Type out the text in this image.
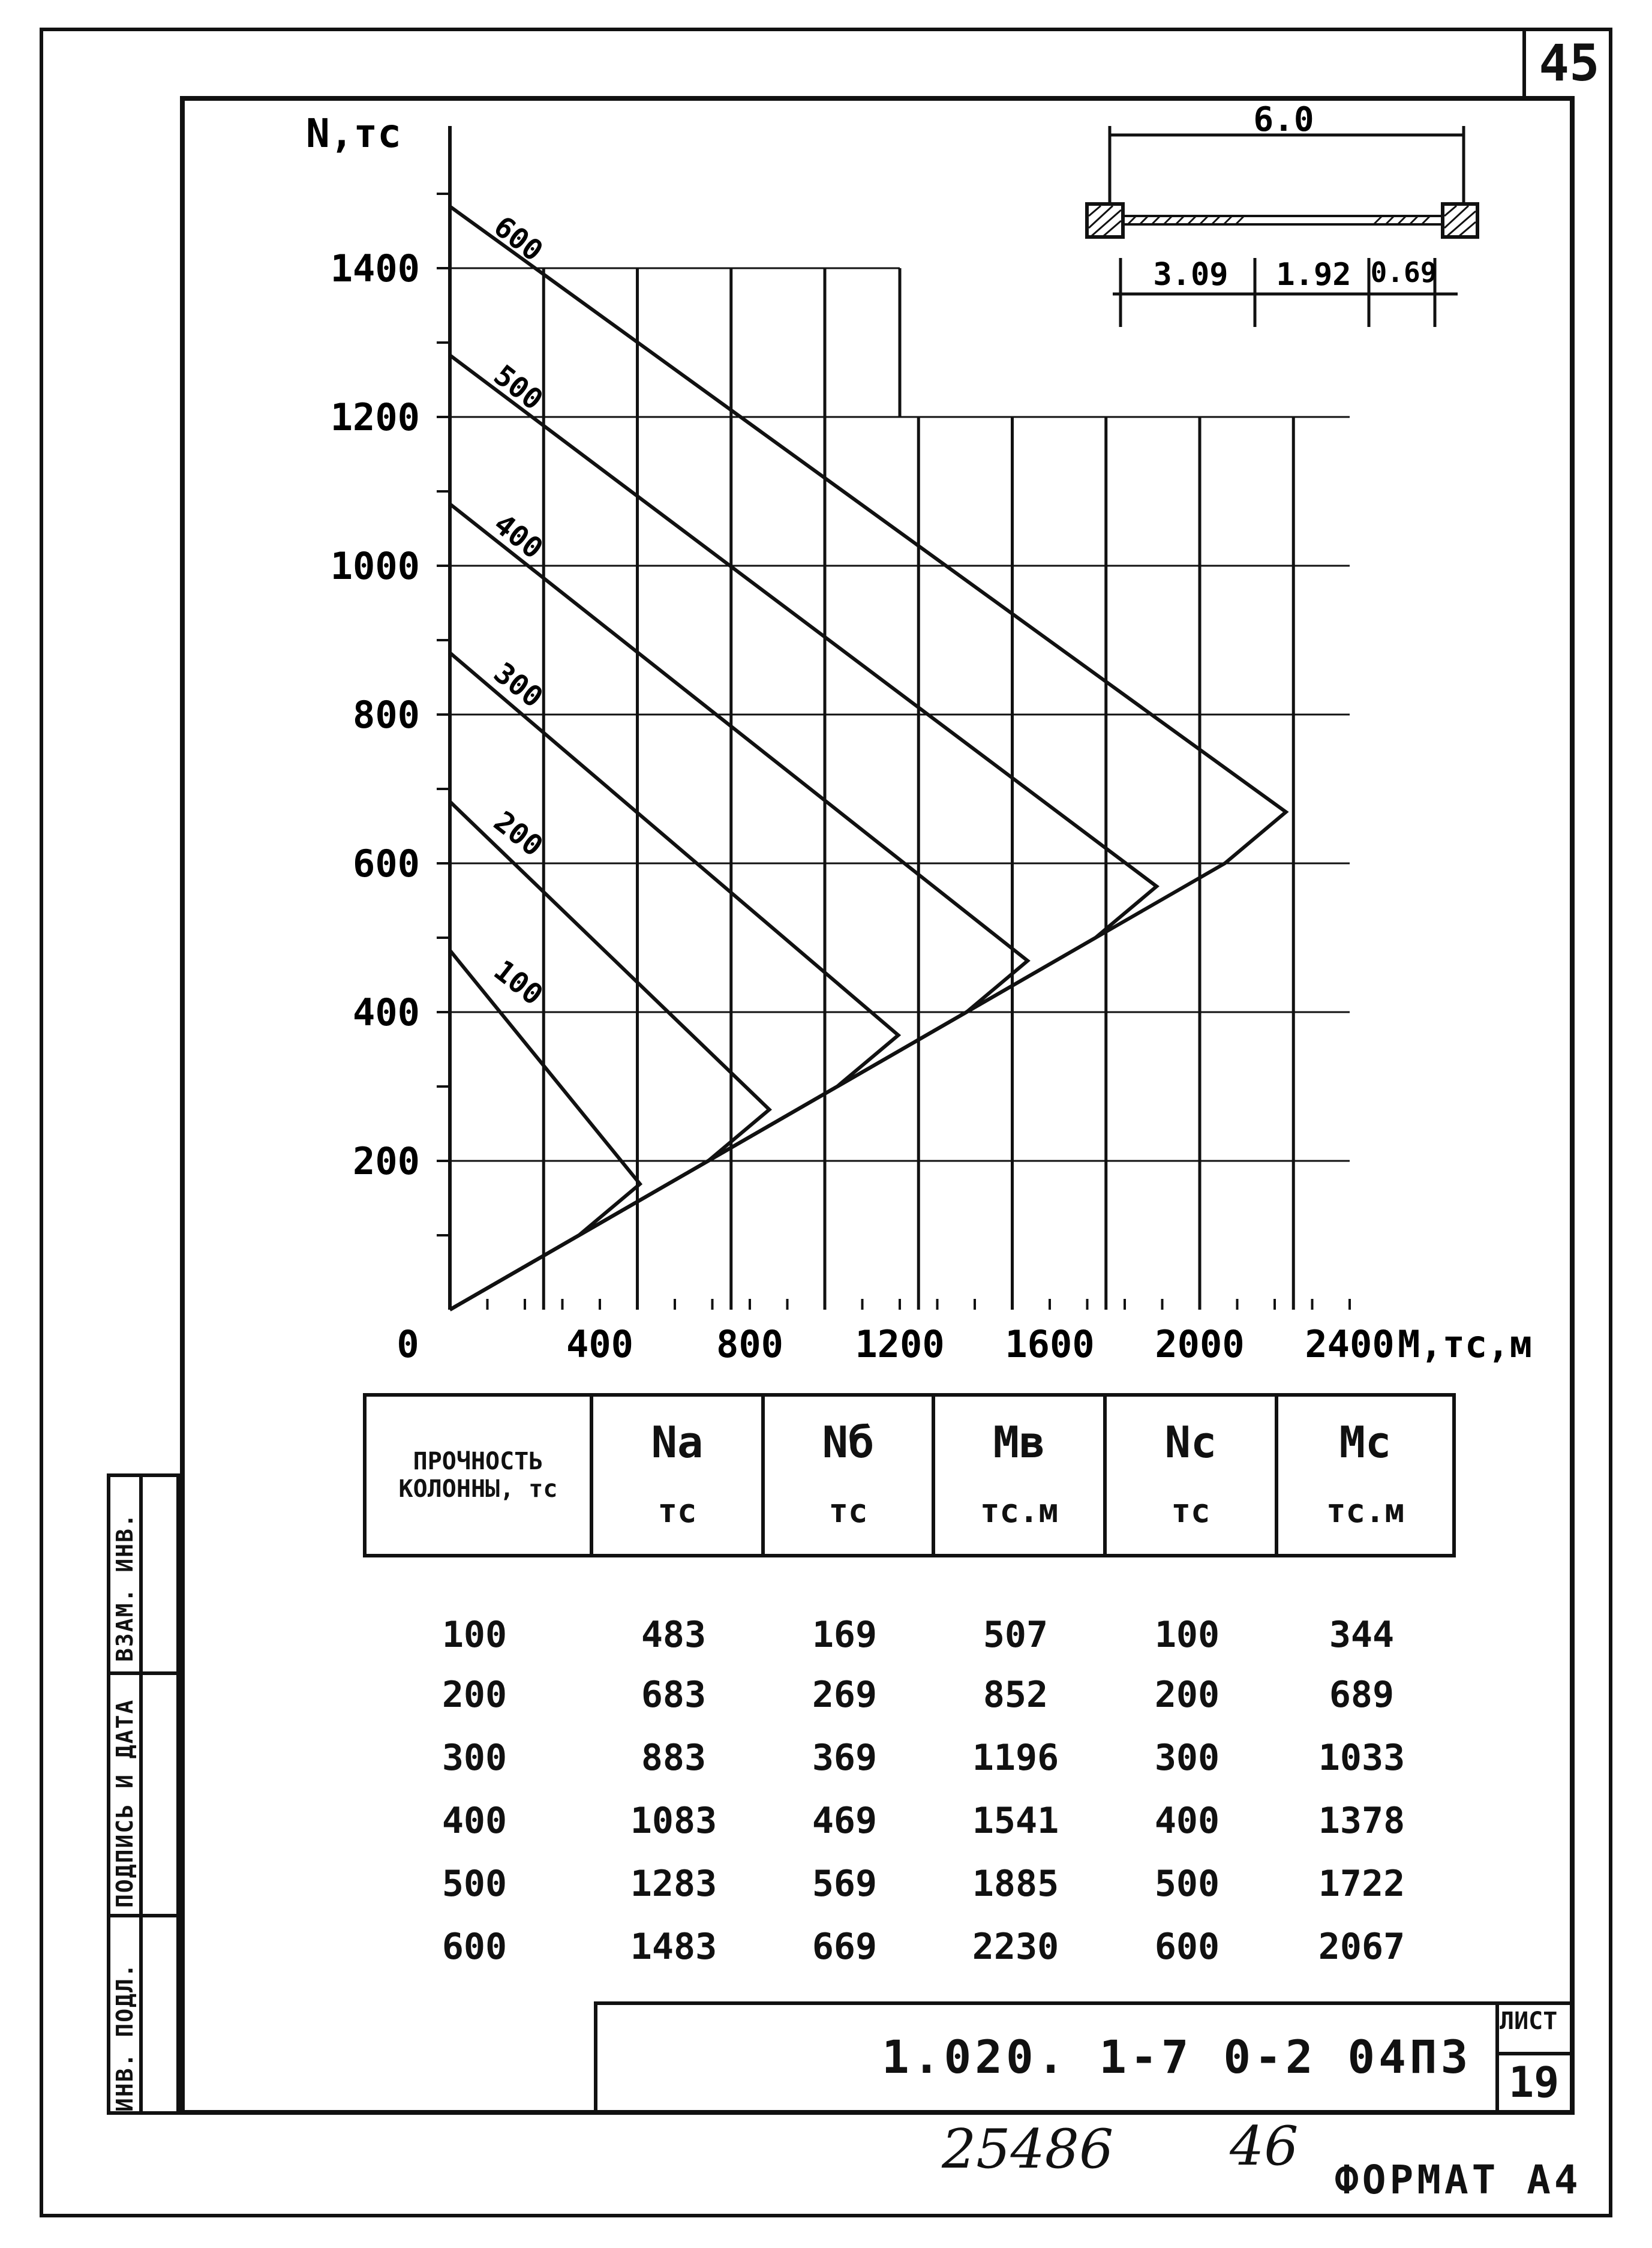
45
ИНВ. ПОДЛ.
ПОДПИСЬ И ДАТА
ВЗАМ. ИНВ.
100
200
300
400
500
600
200
400
600
800
1000
1200
1400
0	400 800 1200 1600 2000 2400
N,тс
М,тс,м
6.0
3.09 1.92 0.69
ПРОЧНОСТЬ КОЛОННЫ, тс	
Nа
тс

Nб
тс

Мв
тс.м

Nс
тс

Мс
тс.м
100	483	169	507	100	344
200	683	269	852	200	689
300	883	369	1196	300	1033
400	1083	469	1541	400	1378
500	1283	569	1885	500	1722
600	1483	669	2230	600	2067
1.020. 1-7 0-2 04ПЗ
ЛИСТ
19
25486 46
ФОРМАТ А4
